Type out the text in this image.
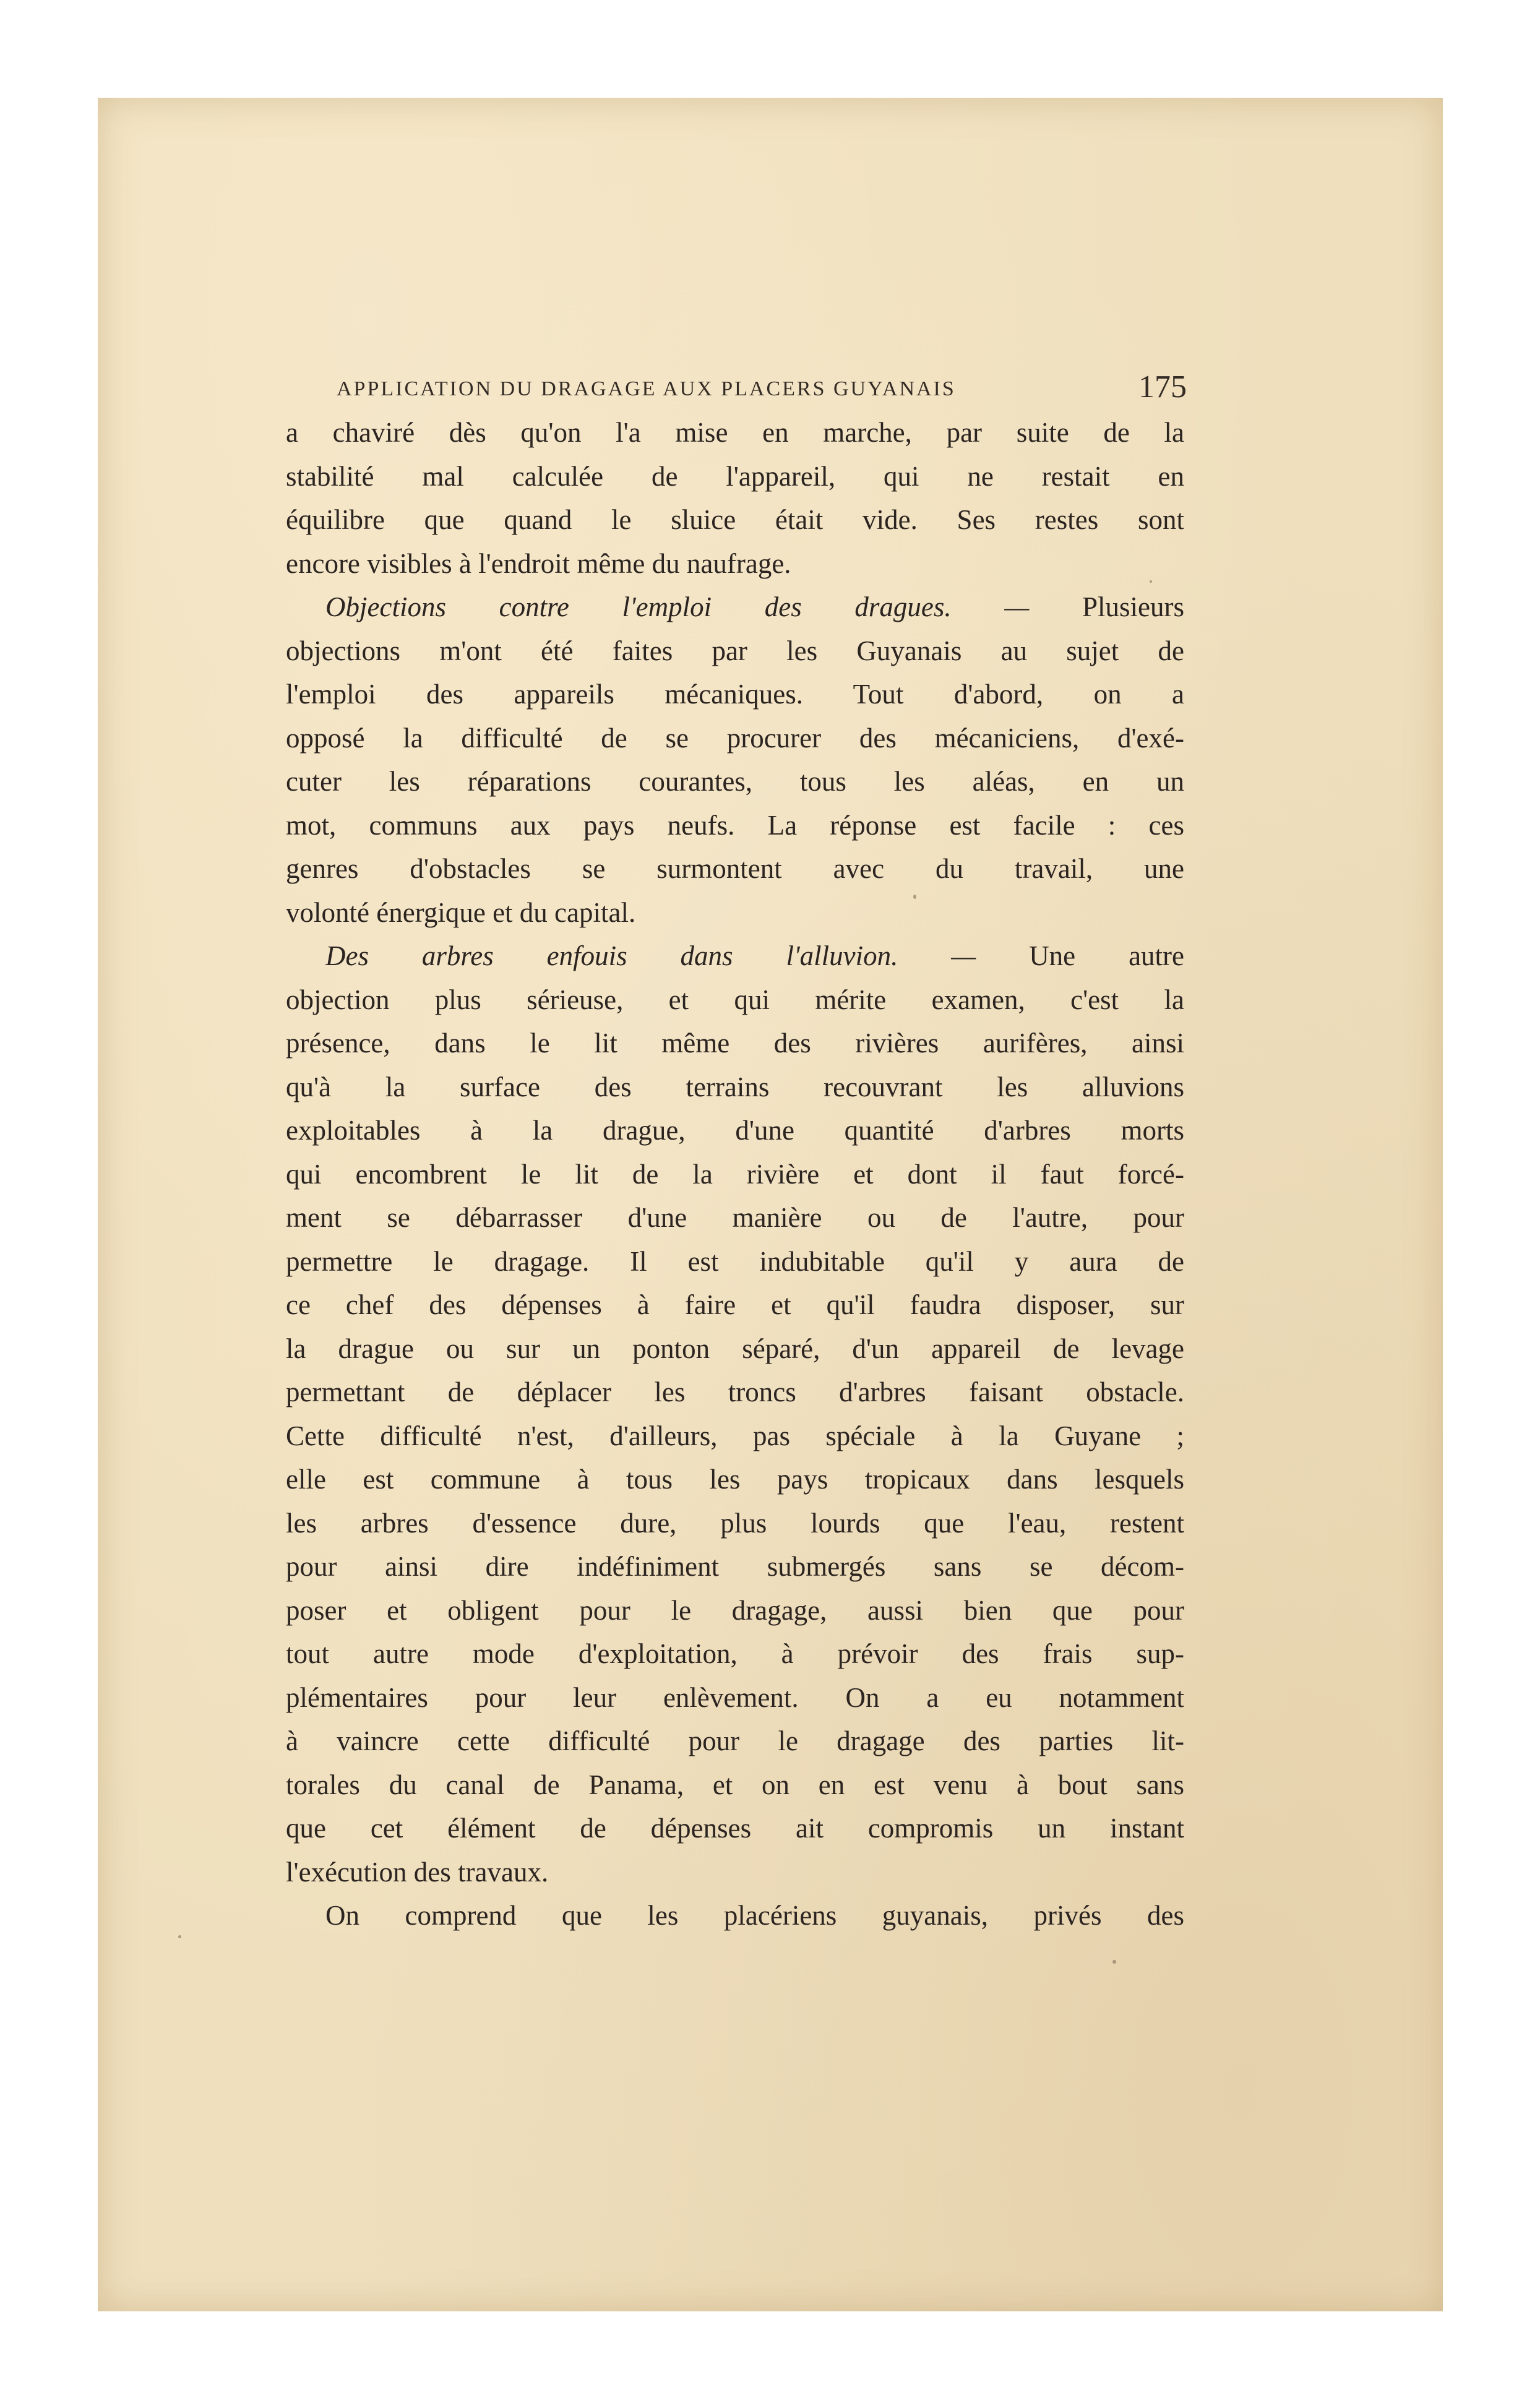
APPLICATION DU DRAGAGE AUX PLACERS GUYANAIS	175
a chaviré dès qu'on l'a mise en marche, par suite de la
stabilité mal calculée de l'appareil, qui ne restait en
équilibre que quand le sluice était vide. Ses restes sont
encore visibles à l'endroit même du naufrage.
Objections contre l'emploi des dragues. — Plusieurs
objections m'ont été faites par les Guyanais au sujet de
l'emploi des appareils mécaniques. Tout d'abord, on a
opposé la difficulté de se procurer des mécaniciens, d'exé-
cuter les réparations courantes, tous les aléas, en un
mot, communs aux pays neufs. La réponse est facile : ces
genres d'obstacles se surmontent avec du travail, une
volonté énergique et du capital.
Des arbres enfouis dans l'alluvion. — Une autre
objection plus sérieuse, et qui mérite examen, c'est la
présence, dans le lit même des rivières aurifères, ainsi
qu'à la surface des terrains recouvrant les alluvions
exploitables à la drague, d'une quantité d'arbres morts
qui encombrent le lit de la rivière et dont il faut forcé-
ment se débarrasser d'une manière ou de l'autre, pour
permettre le dragage. Il est indubitable qu'il y aura de
ce chef des dépenses à faire et qu'il faudra disposer, sur
la drague ou sur un ponton séparé, d'un appareil de levage
permettant de déplacer les troncs d'arbres faisant obstacle.
Cette difficulté n'est, d'ailleurs, pas spéciale à la Guyane ;
elle est commune à tous les pays tropicaux dans lesquels
les arbres d'essence dure, plus lourds que l'eau, restent
pour ainsi dire indéfiniment submergés sans se décom-
poser et obligent pour le dragage, aussi bien que pour
tout autre mode d'exploitation, à prévoir des frais sup-
plémentaires pour leur enlèvement. On a eu notamment
à vaincre cette difficulté pour le dragage des parties lit-
torales du canal de Panama, et on en est venu à bout sans
que cet élément de dépenses ait compromis un instant
l'exécution des travaux.
On comprend que les placériens guyanais, privés des
